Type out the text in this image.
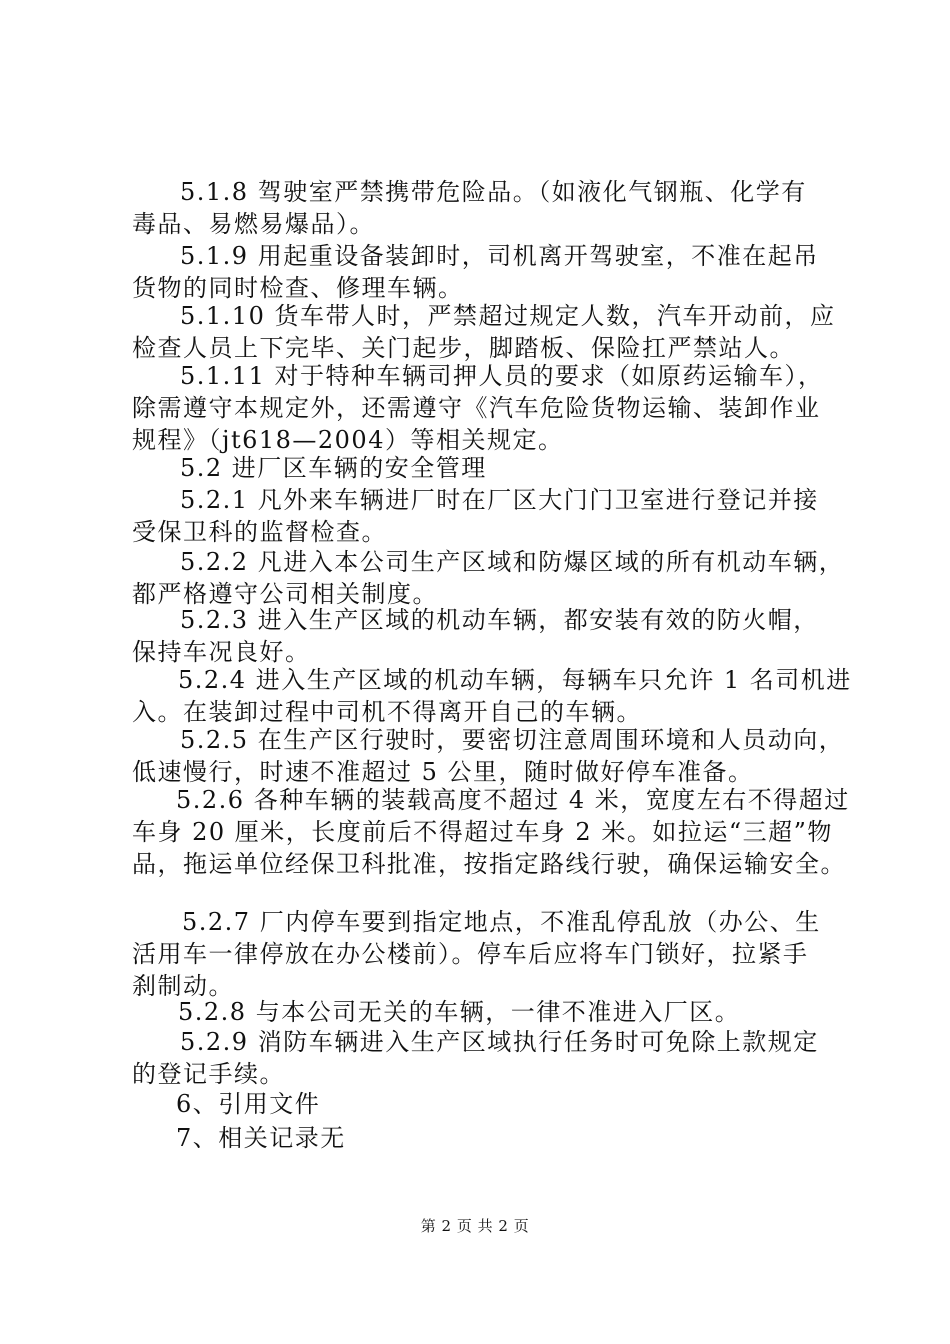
5.1.8 驾驶室严禁携带危险品。（如液化气钢瓶、化学有
毒品、易燃易爆品）。
5.1.9 用起重设备装卸时，司机离开驾驶室，不准在起吊
货物的同时检查、修理车辆。
5.1.10 货车带人时，严禁超过规定人数，汽车开动前，应
检查人员上下完毕、关门起步，脚踏板、保险扛严禁站人。
5.1.11 对于特种车辆司押人员的要求（如原药运输车），
除需遵守本规定外，还需遵守《汽车危险货物运输、装卸作业
规程》（jt618—2004）等相关规定。
5.2 进厂区车辆的安全管理
5.2.1 凡外来车辆进厂时在厂区大门门卫室进行登记并接
受保卫科的监督检查。
5.2.2 凡进入本公司生产区域和防爆区域的所有机动车辆，
都严格遵守公司相关制度。
5.2.3 进入生产区域的机动车辆，都安装有效的防火帽，
保持车况良好。
5.2.4 进入生产区域的机动车辆，每辆车只允许 1 名司机进
入。在装卸过程中司机不得离开自己的车辆。
5.2.5 在生产区行驶时，要密切注意周围环境和人员动向，
低速慢行，时速不准超过 5 公里，随时做好停车准备。
5.2.6 各种车辆的装载高度不超过 4 米，宽度左右不得超过
车身 20 厘米，长度前后不得超过车身 2 米。如拉运“三超”物
品，拖运单位经保卫科批准，按指定路线行驶，确保运输安全。
5.2.7 厂内停车要到指定地点，不准乱停乱放（办公、生
活用车一律停放在办公楼前）。停车后应将车门锁好，拉紧手
刹制动。
5.2.8 与本公司无关的车辆，一律不准进入厂区。
5.2.9 消防车辆进入生产区域执行任务时可免除上款规定
的登记手续。
6、引用文件
7、相关记录无
第 2 页 共 2 页
